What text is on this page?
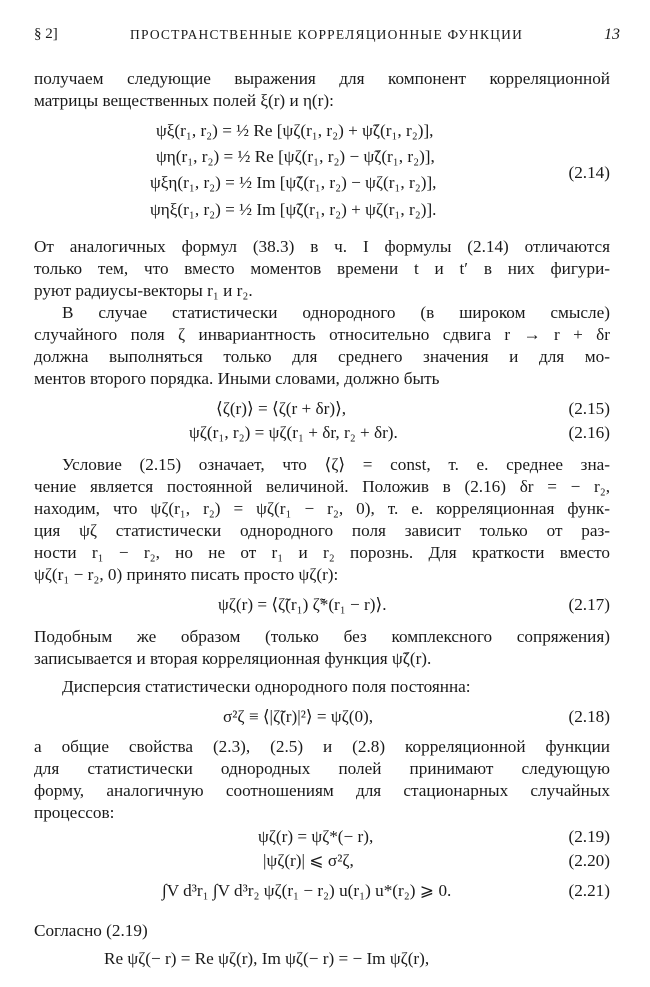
§ 2]	ПРОСТРАНСТВЕННЫЕ КОРРЕЛЯЦИОННЫЕ ФУНКЦИИ	13
получаем следующие выражения для компонент корреляционной
матрицы вещественных полей ξ(r) и η(r):
ψξ(r₁, r₂) = ½ Re [ψζ(r₁, r₂) + ψ̃ζ(r₁, r₂)],
ψη(r₁, r₂) = ½ Re [ψζ(r₁, r₂) − ψ̃ζ(r₁, r₂)],
ψξη(r₁, r₂) = ½ Im [ψ̃ζ(r₁, r₂) − ψζ(r₁, r₂)],
ψηξ(r₁, r₂) = ½ Im [ψ̃ζ(r₁, r₂) + ψζ(r₁, r₂)].
(2.14)
От аналогичных формул (38.3) в ч. I формулы (2.14) отличаются
только тем, что вместо моментов времени t и t′ в них фигури-
руют радиусы-векторы r₁ и r₂.
В случае статистически однородного (в широком смысле)
случайного поля ζ инвариантность относительно сдвига r → r + δr
должна выполняться только для среднего значения и для мо-
ментов второго порядка. Иными словами, должно быть
⟨ζ(r)⟩ = ⟨ζ(r + δr)⟩,	(2.15)
ψζ(r₁, r₂) = ψζ(r₁ + δr, r₂ + δr).	(2.16)
Условие (2.15) означает, что ⟨ζ⟩ = const, т. е. среднее зна-
чение является постоянной величиной. Положив в (2.16) δr = − r₂,
находим, что ψζ(r₁, r₂) = ψζ(r₁ − r₂, 0), т. е. корреляционная функ-
ция ψζ статистически однородного поля зависит только от раз-
ности r₁ − r₂, но не от r₁ и r₂ порознь. Для краткости вместо
ψζ(r₁ − r₂, 0) принято писать просто ψζ(r):
ψζ(r) = ⟨ζ̃(r₁) ζ̃*(r₁ − r)⟩.	(2.17)
Подобным же образом (только без комплексного сопряжения)
записывается и вторая корреляционная функция ψ̃ζ(r).
Дисперсия статистически однородного поля постоянна:
σ²ζ ≡ ⟨|ζ̃(r)|²⟩ = ψζ(0),	(2.18)
а общие свойства (2.3), (2.5) и (2.8) корреляционной функции
для статистически однородных полей принимают следующую
форму, аналогичную соотношениям для стационарных случайных
процессов:
ψζ(r) = ψζ*(− r),	(2.19)
|ψζ(r)| ⩽ σ²ζ,	(2.20)
∫V d³r₁ ∫V d³r₂ ψζ(r₁ − r₂) u(r₁) u*(r₂) ⩾ 0.	(2.21)
Согласно (2.19)
Re ψζ(− r) = Re ψζ(r), Im ψζ(− r) = − Im ψζ(r),
